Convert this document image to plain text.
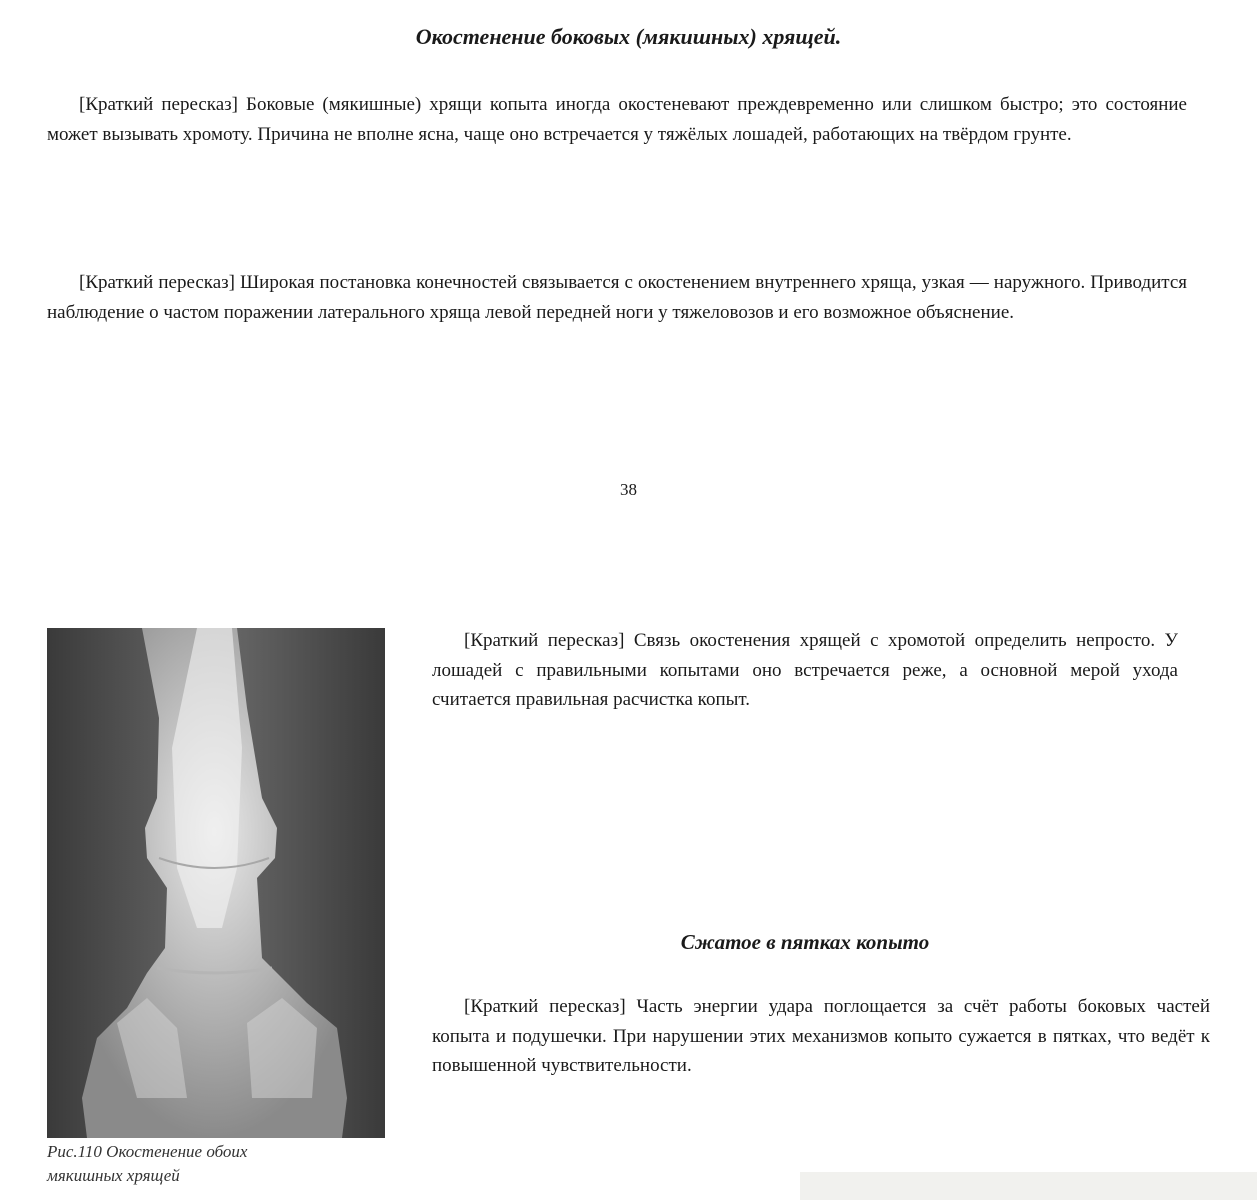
Окостенение боковых (мякишных) хрящей.

[Краткий пересказ] Боковые (мякишные) хрящи копыта иногда окостеневают преждевременно или слишком быстро; это состояние может вызывать хромоту. Причина не вполне ясна, чаще оно встречается у тяжёлых лошадей, работающих на твёрдом грунте.

[Краткий пересказ] Широкая постановка конечностей связывается с окостенением внутреннего хряща, узкая — наружного. Приводится наблюдение о частом поражении латерального хряща левой передней ноги у тяжеловозов и его возможное объяснение.

38
Рис.110 Окостенение обоих
мякишных хрящей

[Краткий пересказ] Связь окостенения хрящей с хромотой определить непросто. У лошадей с правильными копытами оно встречается реже, а основной мерой ухода считается правильная расчистка копыт.

Сжатое в пятках копыто

[Краткий пересказ] Часть энергии удара поглощается за счёт работы боковых частей копыта и подушечки. При нарушении этих механизмов копыто сужается в пятках, что ведёт к повышенной чувствительности.
